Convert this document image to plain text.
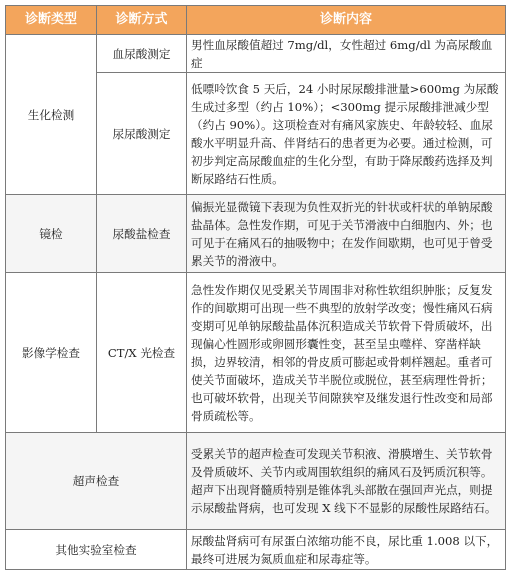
诊断类型	诊断方式	诊断内容
生化检测	血尿酸测定	男性血尿酸值超过 7mg/dl，女性超过 6mg/dl 为高尿酸血症
	尿尿酸测定	低嘌呤饮食 5 天后，24 小时尿尿酸排泄量>600mg 为尿酸生成过多型（约占 10%）；<300mg 提示尿酸排泄减少型（约占 90%）。这项检查对有痛风家族史、年龄较轻、血尿酸水平明显升高、伴肾结石的患者更为必要。通过检测，可初步判定高尿酸血症的生化分型，有助于降尿酸药选择及判断尿路结石性质。
镜检	尿酸盐检查	偏振光显微镜下表现为负性双折光的针状或杆状的单钠尿酸盐晶体。急性发作期，可见于关节滑液中白细胞内、外；也可见于在痛风石的抽吸物中；在发作间歇期，也可见于曾受累关节的滑液中。
影像学检查	CT/X 光检查	急性发作期仅见受累关节周围非对称性软组织肿胀；反复发作的间歇期可出现一些不典型的放射学改变；慢性痛风石病变期可见单钠尿酸盐晶体沉积造成关节软骨下骨质破坏，出现偏心性圆形或卵圆形囊性变，甚至呈虫噬样、穿凿样缺损，边界较清，相邻的骨皮质可膨起或骨刺样翘起。重者可使关节面破坏，造成关节半脱位或脱位，甚至病理性骨折；也可破坏软骨，出现关节间隙狭窄及继发退行性改变和局部骨质疏松等。
超声检查		受累关节的超声检查可发现关节积液、滑膜增生、关节软骨及骨质破坏、关节内或周围软组织的痛风石及钙质沉积等。超声下出现肾髓质特别是锥体乳头部散在强回声光点，则提示尿酸盐肾病，也可发现 X 线下不显影的尿酸性尿路结石。
其他实验室检查		尿酸盐肾病可有尿蛋白浓缩功能不良，尿比重 1.008 以下，最终可进展为氮质血症和尿毒症等。
